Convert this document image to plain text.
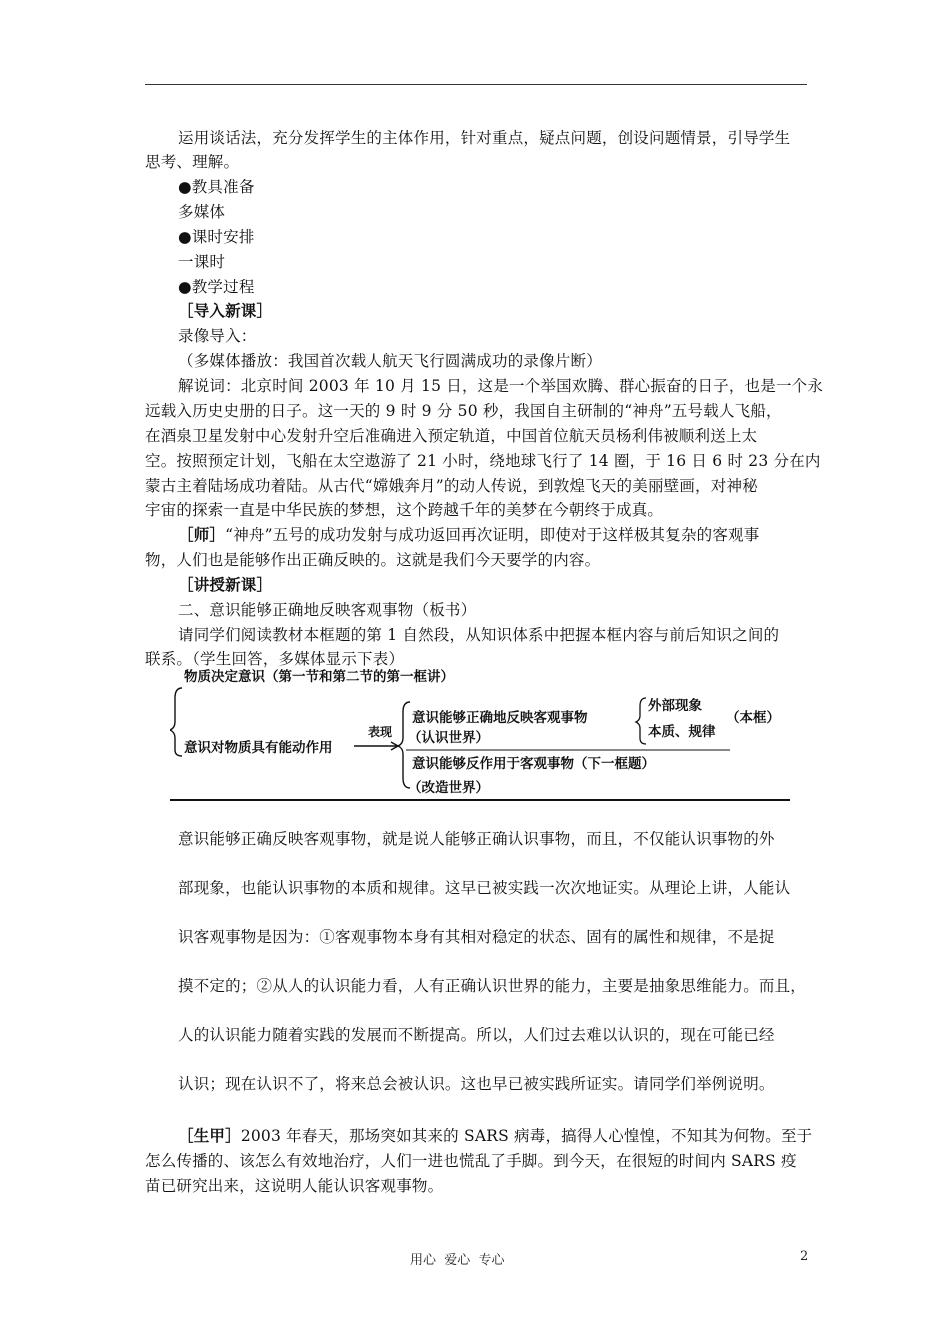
运用谈话法，充分发挥学生的主体作用，针对重点，疑点问题，创设问题情景，引导学生
思考、理解。
●教具准备
多媒体
●课时安排
一课时
●教学过程
［导入新课］
录像导入：
（多媒体播放：我国首次载人航天飞行圆满成功的录像片断）
解说词：北京时间 2003 年 10 月 15 日，这是一个举国欢腾、群心振奋的日子，也是一个永
远载入历史史册的日子。这一天的 9 时 9 分 50 秒，我国自主研制的“神舟”五号载人飞船，
在酒泉卫星发射中心发射升空后准确进入预定轨道，中国首位航天员杨利伟被顺利送上太
空。按照预定计划，飞船在太空遨游了 21 小时，绕地球飞行了 14 圈，于 16 日 6 时 23 分在内
蒙古主着陆场成功着陆。从古代“嫦娥奔月”的动人传说，到敦煌飞天的美丽壁画，对神秘
宇宙的探索一直是中华民族的梦想，这个跨越千年的美梦在今朝终于成真。
［师］“神舟”五号的成功发射与成功返回再次证明，即使对于这样极其复杂的客观事
物，人们也是能够作出正确反映的。这就是我们今天要学的内容。
［讲授新课］
二、意识能够正确地反映客观事物（板书）
请同学们阅读教材本框题的第 1 自然段，从知识体系中把握本框内容与前后知识之间的
联系。（学生回答，多媒体显示下表）
物质决定意识（第一节和第二节的第一框讲）
意识对物质具有能动作用
表现
意识能够正确地反映客观事物
（认识世界）
外部现象
本质、规律
（本框）
意识能够反作用于客观事物（下一框题）
（改造世界）
意识能够正确反映客观事物，就是说人能够正确认识事物，而且，不仅能认识事物的外
部现象，也能认识事物的本质和规律。这早已被实践一次次地证实。从理论上讲，人能认
识客观事物是因为：①客观事物本身有其相对稳定的状态、固有的属性和规律，不是捉
摸不定的；②从人的认识能力看，人有正确认识世界的能力，主要是抽象思维能力。而且，
人的认识能力随着实践的发展而不断提高。所以，人们过去难以认识的，现在可能已经
认识；现在认识不了，将来总会被认识。这也早已被实践所证实。请同学们举例说明。
［生甲］2003 年春天，那场突如其来的 SARS 病毒，搞得人心惶惶，不知其为何物。至于
怎么传播的、该怎么有效地治疗，人们一进也慌乱了手脚。到今天，在很短的时间内 SARS 疫
苗已研究出来，这说明人能认识客观事物。
用心  爱心  专心	2
